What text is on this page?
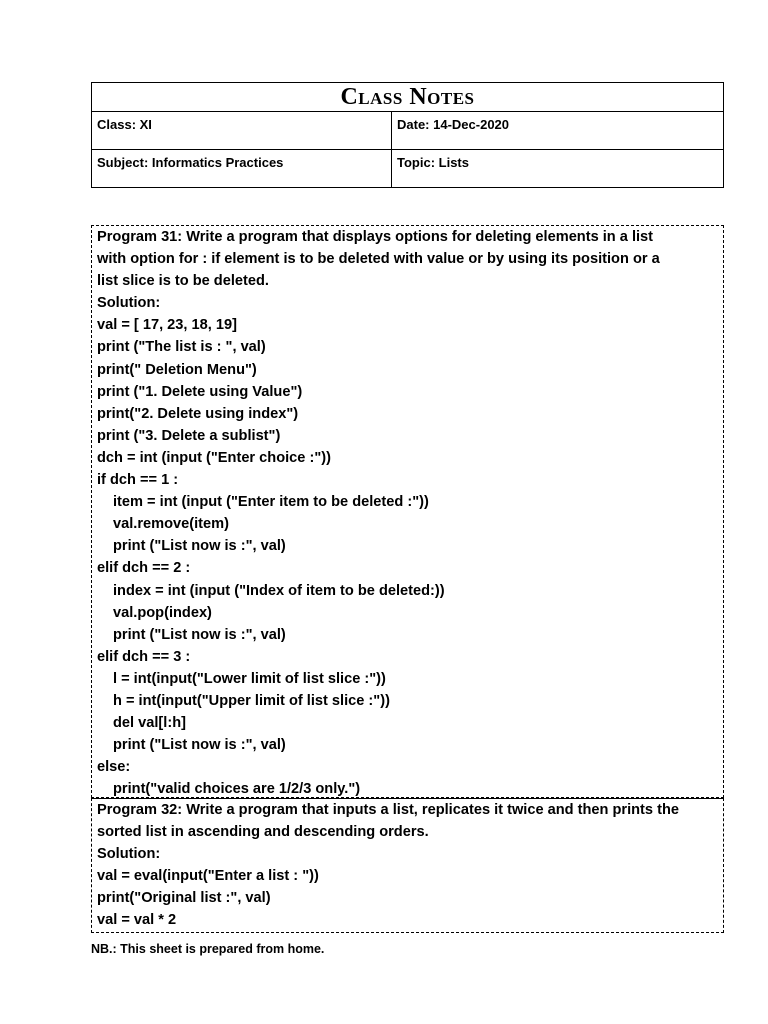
Class Notes
Class: XI	Date: 14-Dec-2020
Subject: Informatics Practices	Topic: Lists
Program 31: Write a program that displays options for deleting elements in a list
with option for : if element is to be deleted with value or by using its position or a
list slice is to be deleted.
Solution:
val = [ 17, 23, 18, 19]
print ("The list is : ", val)
print(" Deletion Menu")
print ("1. Delete using Value")
print("2. Delete using index")
print ("3. Delete a sublist")
dch = int (input ("Enter choice :"))
if dch == 1 :
item = int (input ("Enter item to be deleted :"))
val.remove(item)
print ("List now is :", val)
elif dch == 2 :
index = int (input ("Index of item to be deleted:))
val.pop(index)
print ("List now is :", val)
elif dch == 3 :
l = int(input("Lower limit of list slice :"))
h = int(input("Upper limit of list slice :"))
del val[l:h]
print ("List now is :", val)
else:
print("valid choices are 1/2/3 only.")
Program 32: Write a program that inputs a list, replicates it twice and then prints the
sorted list in ascending and descending orders.
Solution:
val = eval(input("Enter a list : "))
print("Original list :", val)
val = val * 2
NB.: This sheet is prepared from home.
